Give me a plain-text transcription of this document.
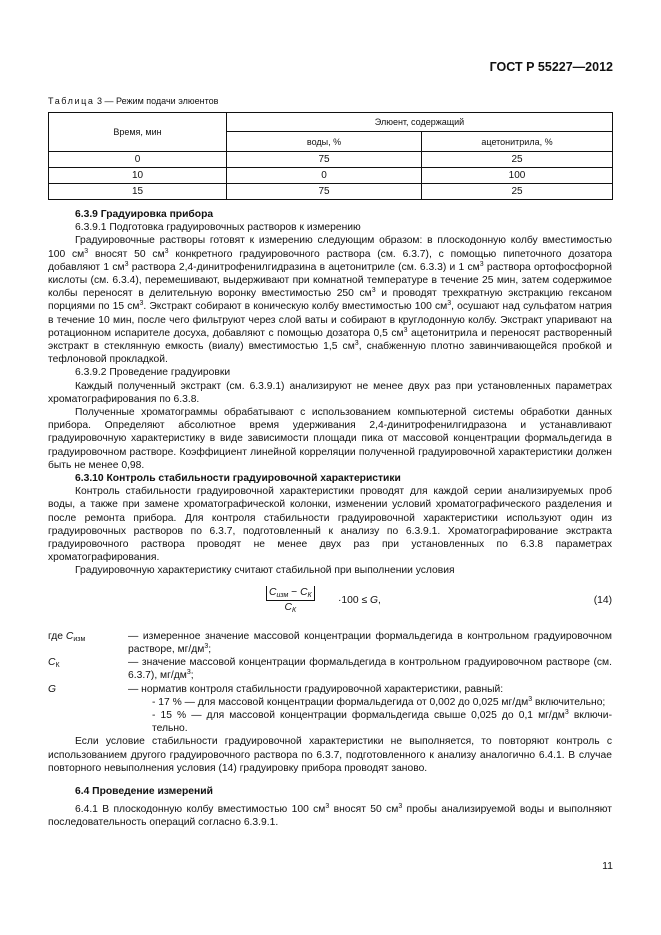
ГОСТ Р 55227—2012
Таблица 3 — Режим подачи элюентов
Время, мин	Элюент, содержащий	
	воды, %	ацетонитрила, %
0	75	25
10	0	100
15	75	25

6.3.9 Градуировка прибора

6.3.9.1 Подготовка градуировочных растворов к измерению

Градуировочные растворы готовят к измерению следующим образом: в плоскодонную колбу вместимостью 100 $см^3$ вносят 50 $см^3$ конкретного градуировочного раствора (см. 6.3.7), с помощью пипеточного дозатора добавляют 1 $см^3$ раствора 2,4-динитрофенилгидразина в ацетонитриле (см. 6.3.3) и 1 $см^3$ раствора ортофосфорной кислоты (см. 6.3.4), перемешивают, выдерживают при комнатной температуре в течение 25 мин, затем содержимое колбы переносят в делительную воронку вместимостью 250 $см^3$ и проводят трехкратную экстракцию гексаном порциями по 15 $см^3$. Экстракт собирают в коническую колбу вместимостью 100 $см^3$, осушают над сульфатом натрия в течение 10 мин, после чего фильтруют через слой ваты и собирают в круглодонную колбу. Экстракт упаривают на ротационном испарителе досуха, добавляют с помощью дозатора 0,5 $см^3$ ацетонитрила и переносят растворенный экстракт в стеклянную емкость (виалу) вместимостью 1,5 $см^3$, снабженную плотно завинчивающейся пробкой и тефлоновой прокладкой.

6.3.9.2 Проведение градуировки

Каждый полученный экстракт (см. 6.3.9.1) анализируют не менее двух раз при установленных параметрах хроматографирования по 6.3.8.

Полученные хроматограммы обрабатывают с использованием компьютерной системы обработки данных прибора. Определяют абсолютное время удерживания 2,4-динитрофенилгидразона и устанавливают градуировочную характеристику в виде зависимости площади пика от массовой концентрации формальдегида в градуировочном растворе. Коэффициент линейной корреляции полученной градуировочной характеристики должен быть не менее 0,98.

6.3.10 Контроль стабильности градуировочной характеристики

Контроль стабильности градуировочной характеристики проводят для каждой серии анализируемых проб воды, а также при замене хроматографической колонки, изменении условий хроматографического разделения и после ремонта прибора. Для контроля стабильности градуировочной характеристики используют один из градуировочных растворов по 6.3.7, подготовленный к анализу по 6.3.9.1. Хроматографирование экстракта градуировочного раствора проводят не менее двух раз при установленных по 6.3.8 параметрах хроматографирования.

Градуировочную характеристику считают стабильной при выполнении условия

$C_{изм} - C_К$
$C_К$
·100 ≤ G,	(14)

где $C_{изм}$	— измеренное значение массовой концентрации формальдегида в контрольном градуировочном растворе, $мг/дм^3$;

$C_К$	— значение массовой концентрации формальдегида в контрольном градуировочном растворе (см. 6.3.7), $мг/дм^3$;

G	— норматив контроля стабильности градуировочной характеристики, равный:

- 17 % — для массовой концентрации формальдегида от 0,002 до 0,025 $мг/дм^3$ включительно;

- 15 % — для массовой концентрации формальдегида свыше 0,025 до 0,1 $мг/дм^3$ включительно.

Если условие стабильности градуировочной характеристики не выполняется, то повторяют контроль с использованием другого градуировочного раствора по 6.3.7, подготовленного к анализу аналогично 6.4.1. В случае повторного невыполнения условия (14) градуировку прибора проводят заново.

6.4 Проведение измерений

6.4.1 В плоскодонную колбу вместимостью 100 $см^3$ вносят 50 $см^3$ пробы анализируемой воды и выполняют последовательность операций согласно 6.3.9.1.

11
